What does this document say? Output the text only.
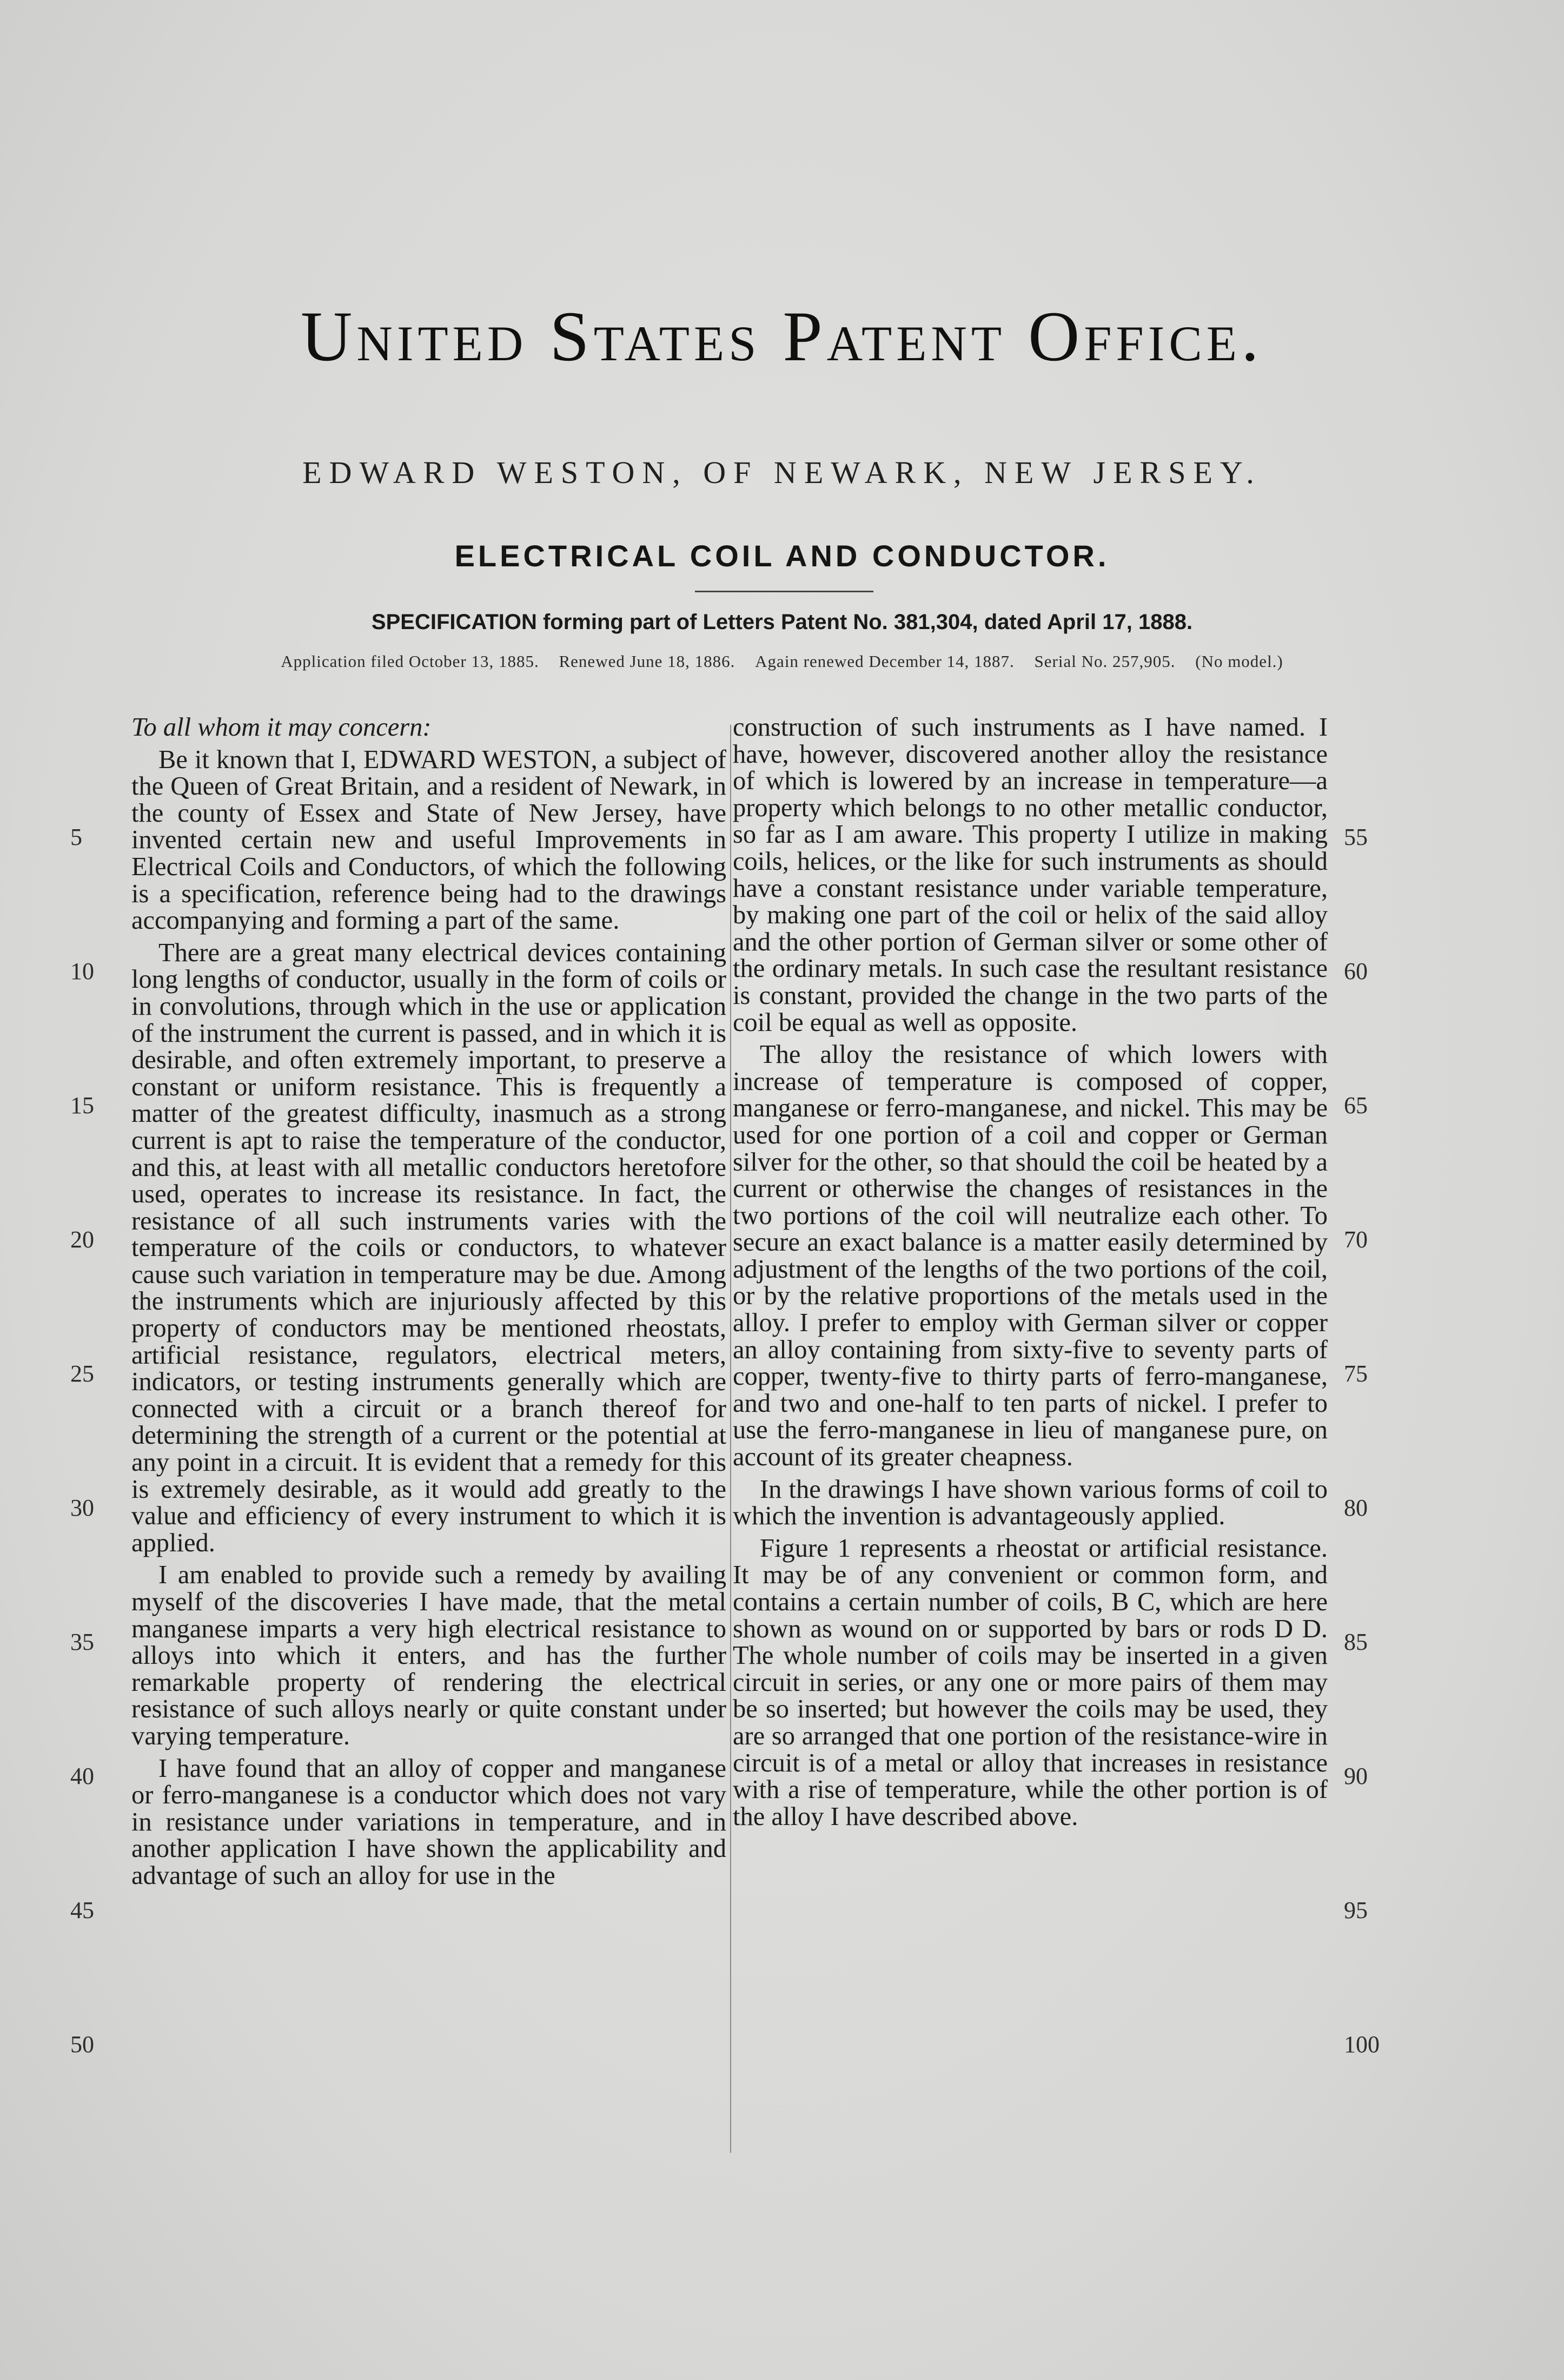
United States Patent Office.
EDWARD WESTON, OF NEWARK, NEW JERSEY.
ELECTRICAL COIL AND CONDUCTOR.
SPECIFICATION forming part of Letters Patent No. 381,304, dated April 17, 1888.
Application filed October 13, 1885. Renewed June 18, 1886. Again renewed December 14, 1887. Serial No. 257,905. (No model.)

To all whom it may concern:

Be it known that I, EDWARD WESTON, a subject of the Queen of Great Britain, and a resident of Newark, in the county of Essex and State of New Jersey, have invented certain new and useful Improvements in Electrical Coils and Conductors, of which the following is a specification, reference being had to the drawings accompanying and forming a part of the same.

There are a great many electrical devices containing long lengths of conductor, usually in the form of coils or in convolutions, through which in the use or application of the instrument the current is passed, and in which it is desirable, and often extremely important, to preserve a constant or uniform resistance. This is frequently a matter of the greatest difficulty, inasmuch as a strong current is apt to raise the temperature of the conductor, and this, at least with all metallic conductors heretofore used, operates to increase its resistance. In fact, the resistance of all such instruments varies with the temperature of the coils or conductors, to whatever cause such variation in temperature may be due. Among the instruments which are injuriously affected by this property of conductors may be mentioned rheostats, artificial resistance, regulators, electrical meters, indicators, or testing instruments generally which are connected with a circuit or a branch thereof for determining the strength of a current or the potential at any point in a circuit. It is evident that a remedy for this is extremely desirable, as it would add greatly to the value and efficiency of every instrument to which it is applied.

I am enabled to provide such a remedy by availing myself of the discoveries I have made, that the metal manganese imparts a very high electrical resistance to alloys into which it enters, and has the further remarkable property of rendering the electrical resistance of such alloys nearly or quite constant under varying temperature.

I have found that an alloy of copper and manganese or ferro-manganese is a conductor which does not vary in resistance under variations in temperature, and in another application I have shown the applicability and advantage of such an alloy for use in the

construction of such instruments as I have named. I have, however, discovered another alloy the resistance of which is lowered by an increase in temperature—a property which belongs to no other metallic conductor, so far as I am aware. This property I utilize in making coils, helices, or the like for such instruments as should have a constant resistance under variable temperature, by making one part of the coil or helix of the said alloy and the other portion of German silver or some other of the ordinary metals. In such case the resultant resistance is constant, provided the change in the two parts of the coil be equal as well as opposite.

The alloy the resistance of which lowers with increase of temperature is composed of copper, manganese or ferro-manganese, and nickel. This may be used for one portion of a coil and copper or German silver for the other, so that should the coil be heated by a current or otherwise the changes of resistances in the two portions of the coil will neutralize each other. To secure an exact balance is a matter easily determined by adjustment of the lengths of the two portions of the coil, or by the relative proportions of the metals used in the alloy. I prefer to employ with German silver or copper an alloy containing from sixty-five to seventy parts of copper, twenty-five to thirty parts of ferro-manganese, and two and one-half to ten parts of nickel. I prefer to use the ferro-manganese in lieu of manganese pure, on account of its greater cheapness.

In the drawings I have shown various forms of coil to which the invention is advantageously applied.

Figure 1 represents a rheostat or artificial resistance. It may be of any convenient or common form, and contains a certain number of coils, B C, which are here shown as wound on or supported by bars or rods D D. The whole number of coils may be inserted in a given circuit in series, or any one or more pairs of them may be so inserted; but however the coils may be used, they are so arranged that one portion of the resistance-wire in circuit is of a metal or alloy that increases in resistance with a rise of temperature, while the other portion is of the alloy I have described above.

5
10
15
20
25
30
35
40
45
50
55
60
65
70
75
80
85
90
95
100
